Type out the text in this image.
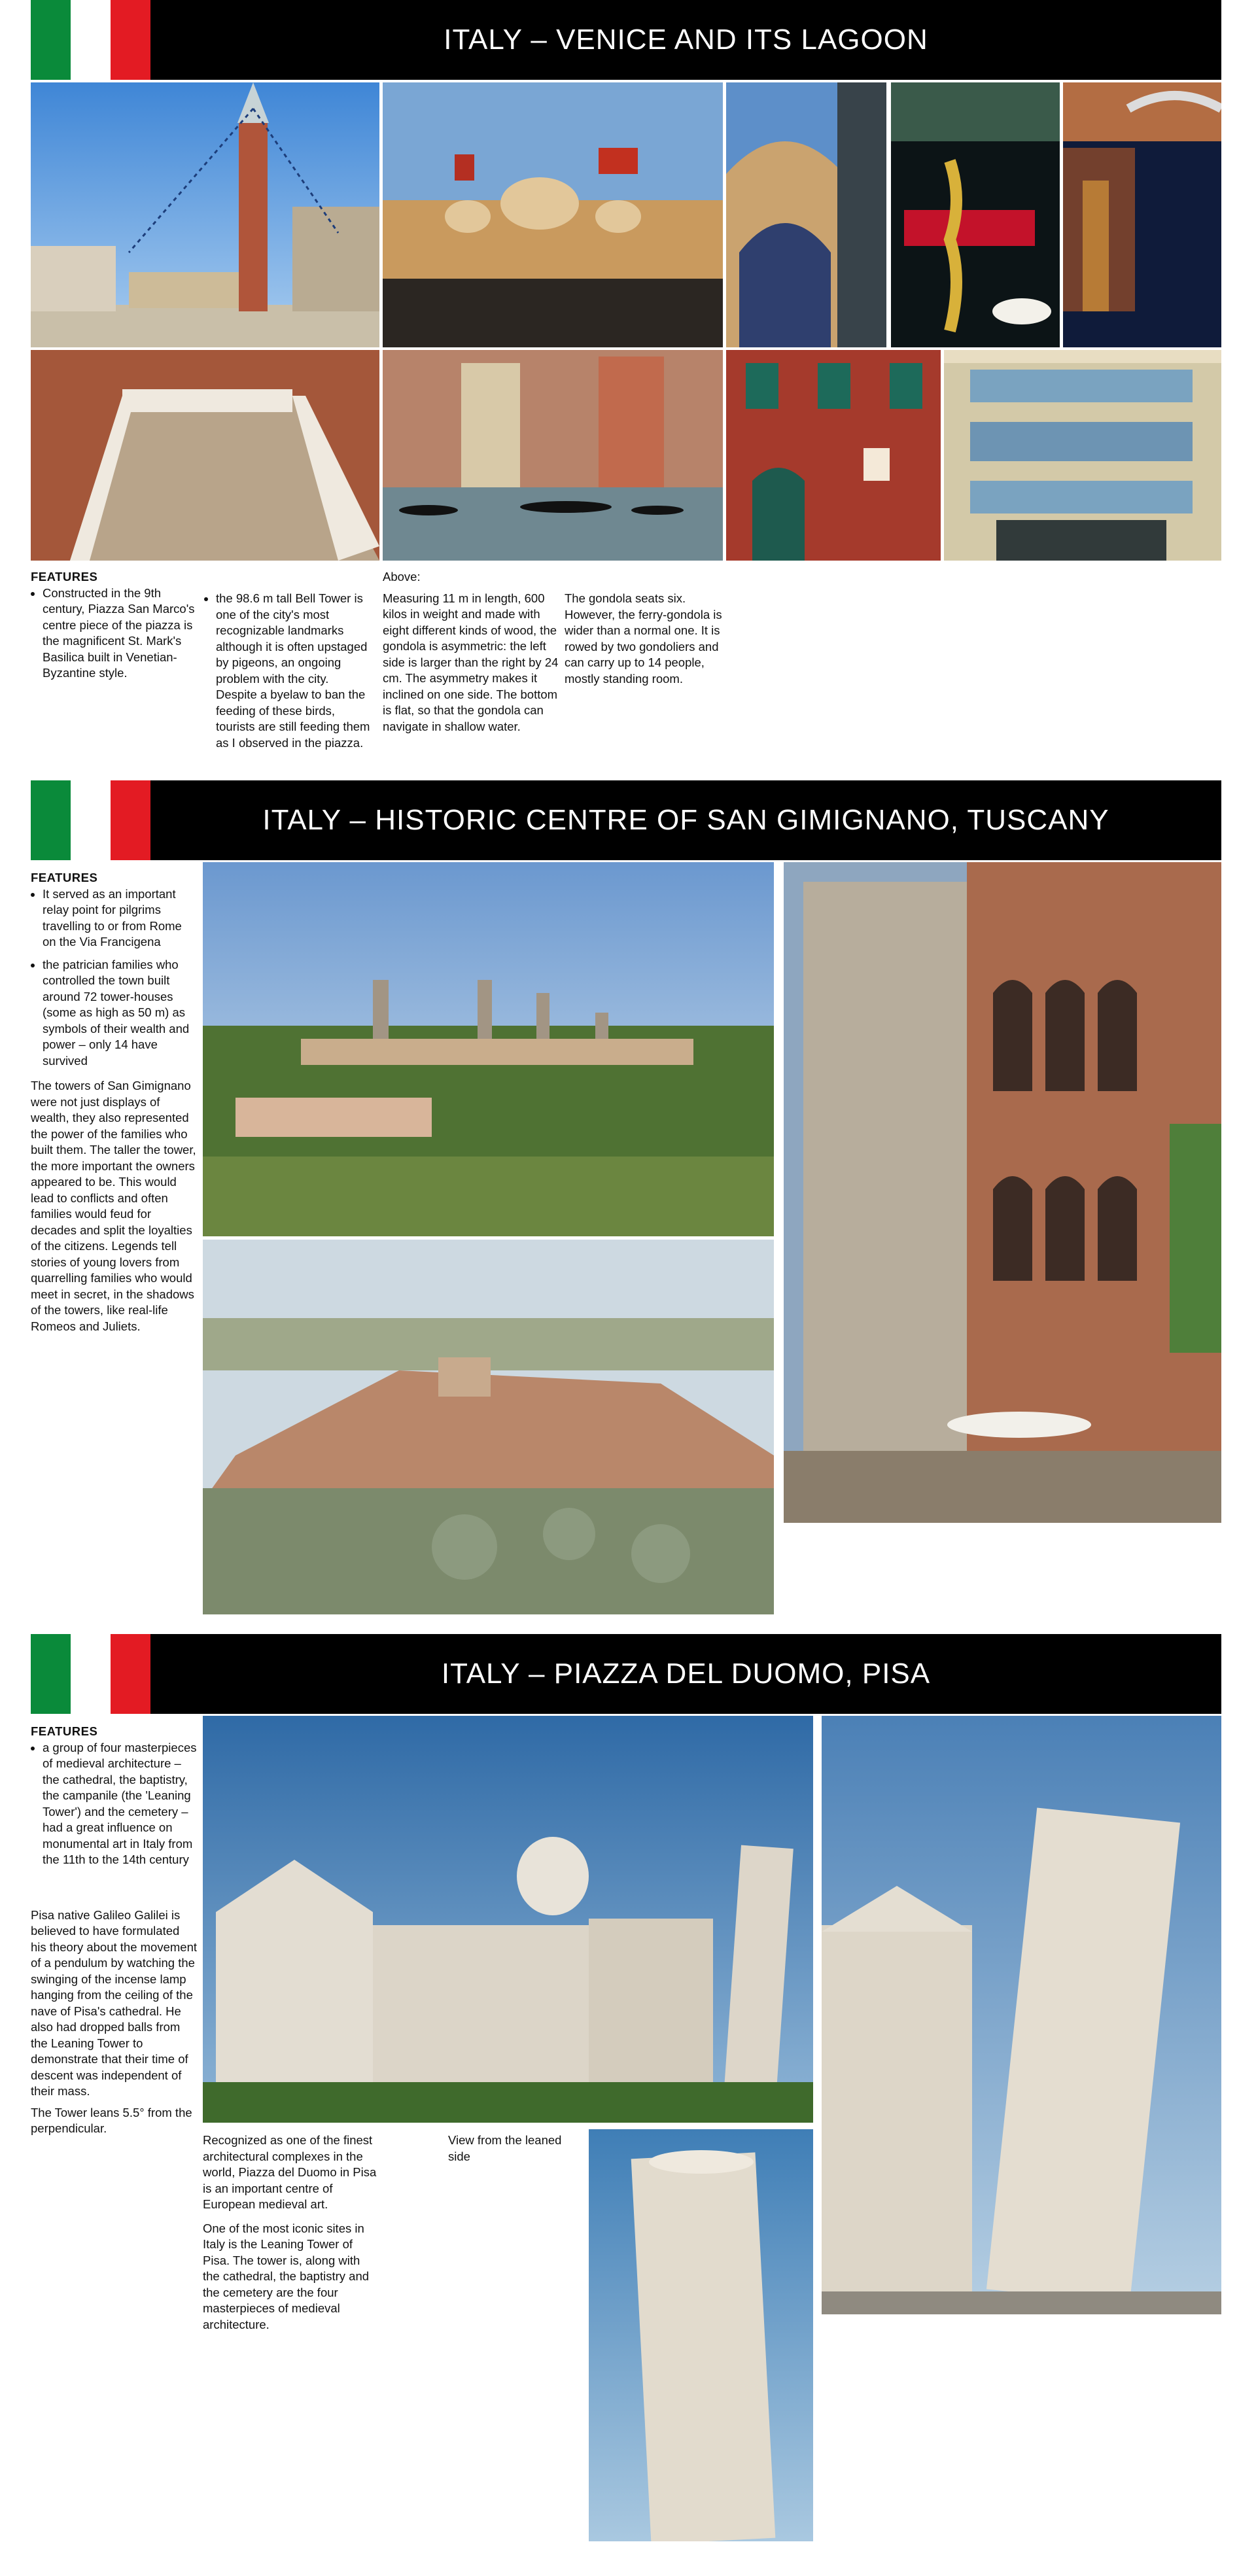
ITALY – VENICE AND ITS LAGOON

FEATURES

• Constructed in the 9th century, Piazza San Marco's centre piece of the piazza is the magnificent St. Mark's Basilica built in Venetian-Byzantine style.
• the 98.6 m tall Bell Tower is one of the city's most recognizable landmarks although it is often upstaged by pigeons, an ongoing problem with the city. Despite a byelaw to ban the feeding of these birds, tourists are still feeding them as I observed in the piazza.

Above:

Measuring 11 m in length, 600 kilos in weight and made with eight different kinds of wood, the gondola is asymmetric: the left side is larger than the right by 24 cm. The asymmetry makes it inclined on one side. The bottom is flat, so that the gondola can navigate in shallow water.

The gondola seats six. However, the ferry-gondola is wider than a normal one. It is rowed by two gondoliers and can carry up to 14 people, mostly standing room.

ITALY – HISTORIC CENTRE OF SAN GIMIGNANO, TUSCANY

FEATURES

• It served as an important relay point for pilgrims travelling to or from Rome on the Via Francigena
• the patrician families who controlled the town built around 72 tower-houses (some as high as 50 m) as symbols of their wealth and power – only 14 have survived

The towers of San Gimignano were not just displays of wealth, they also represented the power of the families who built them. The taller the tower, the more important the owners appeared to be. This would lead to conflicts and often families would feud for decades and split the loyalties of the citizens. Legends tell stories of young lovers from quarrelling families who would meet in secret, in the shadows of the towers, like real-life Romeos and Juliets.

ITALY – PIAZZA DEL DUOMO, PISA

FEATURES

• a group of four masterpieces of medieval architecture – the cathedral, the baptistry, the campanile (the 'Leaning Tower') and the cemetery – had a great influence on monumental art in Italy from the 11th to the 14th century

Pisa native Galileo Galilei is believed to have formulated his theory about the movement of a pendulum by watching the swinging of the incense lamp hanging from the ceiling of the nave of Pisa's cathedral. He also had dropped balls from the Leaning Tower to demonstrate that their time of descent was independent of their mass.

The Tower leans 5.5° from the perpendicular.

Recognized as one of the finest architectural complexes in the world, Piazza del Duomo in Pisa is an important centre of European medieval art.

One of the most iconic sites in Italy is the Leaning Tower of Pisa. The tower is, along with the cathedral, the baptistry and the cemetery are the four masterpieces of medieval architecture.

View from the leaned side
